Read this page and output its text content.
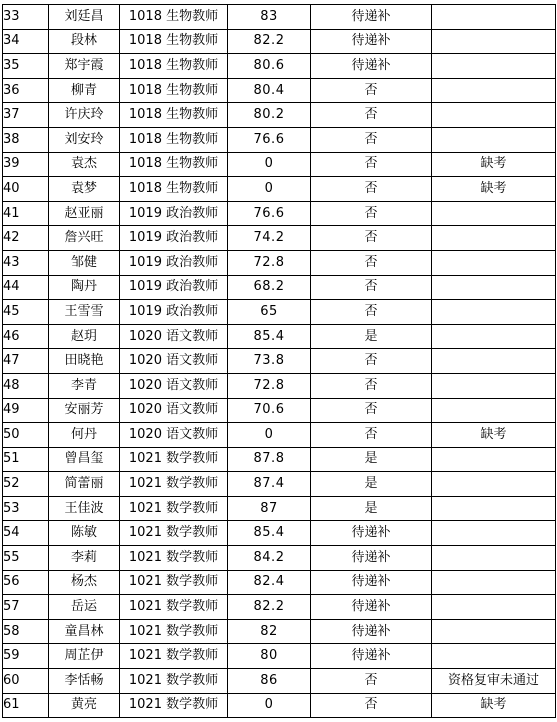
33	刘廷昌	1018 生物教师	83	待递补	
34	段林	1018 生物教师	82.2	待递补	
35	郑宇霞	1018 生物教师	80.6	待递补	
36	柳青	1018 生物教师	80.4	否	
37	许庆玲	1018 生物教师	80.2	否	
38	刘安玲	1018 生物教师	76.6	否	
39	袁杰	1018 生物教师	0	否	缺考
40	袁梦	1018 生物教师	0	否	缺考
41	赵亚丽	1019 政治教师	76.6	否	
42	詹兴旺	1019 政治教师	74.2	否	
43	邹健	1019 政治教师	72.8	否	
44	陶丹	1019 政治教师	68.2	否	
45	王雪雪	1019 政治教师	65	否	
46	赵玥	1020 语文教师	85.4	是	
47	田晓艳	1020 语文教师	73.8	否	
48	李青	1020 语文教师	72.8	否	
49	安丽芳	1020 语文教师	70.6	否	
50	何丹	1020 语文教师	0	否	缺考
51	曾昌玺	1021 数学教师	87.8	是	
52	简蕾丽	1021 数学教师	87.4	是	
53	王佳波	1021 数学教师	87	是	
54	陈敏	1021 数学教师	85.4	待递补	
55	李莉	1021 数学教师	84.2	待递补	
56	杨杰	1021 数学教师	82.4	待递补	
57	岳运	1021 数学教师	82.2	待递补	
58	童昌林	1021 数学教师	82	待递补	
59	周芷伊	1021 数学教师	80	待递补	
60	李恬畅	1021 数学教师	86	否	资格复审未通过
61	黄亮	1021 数学教师	0	否	缺考
